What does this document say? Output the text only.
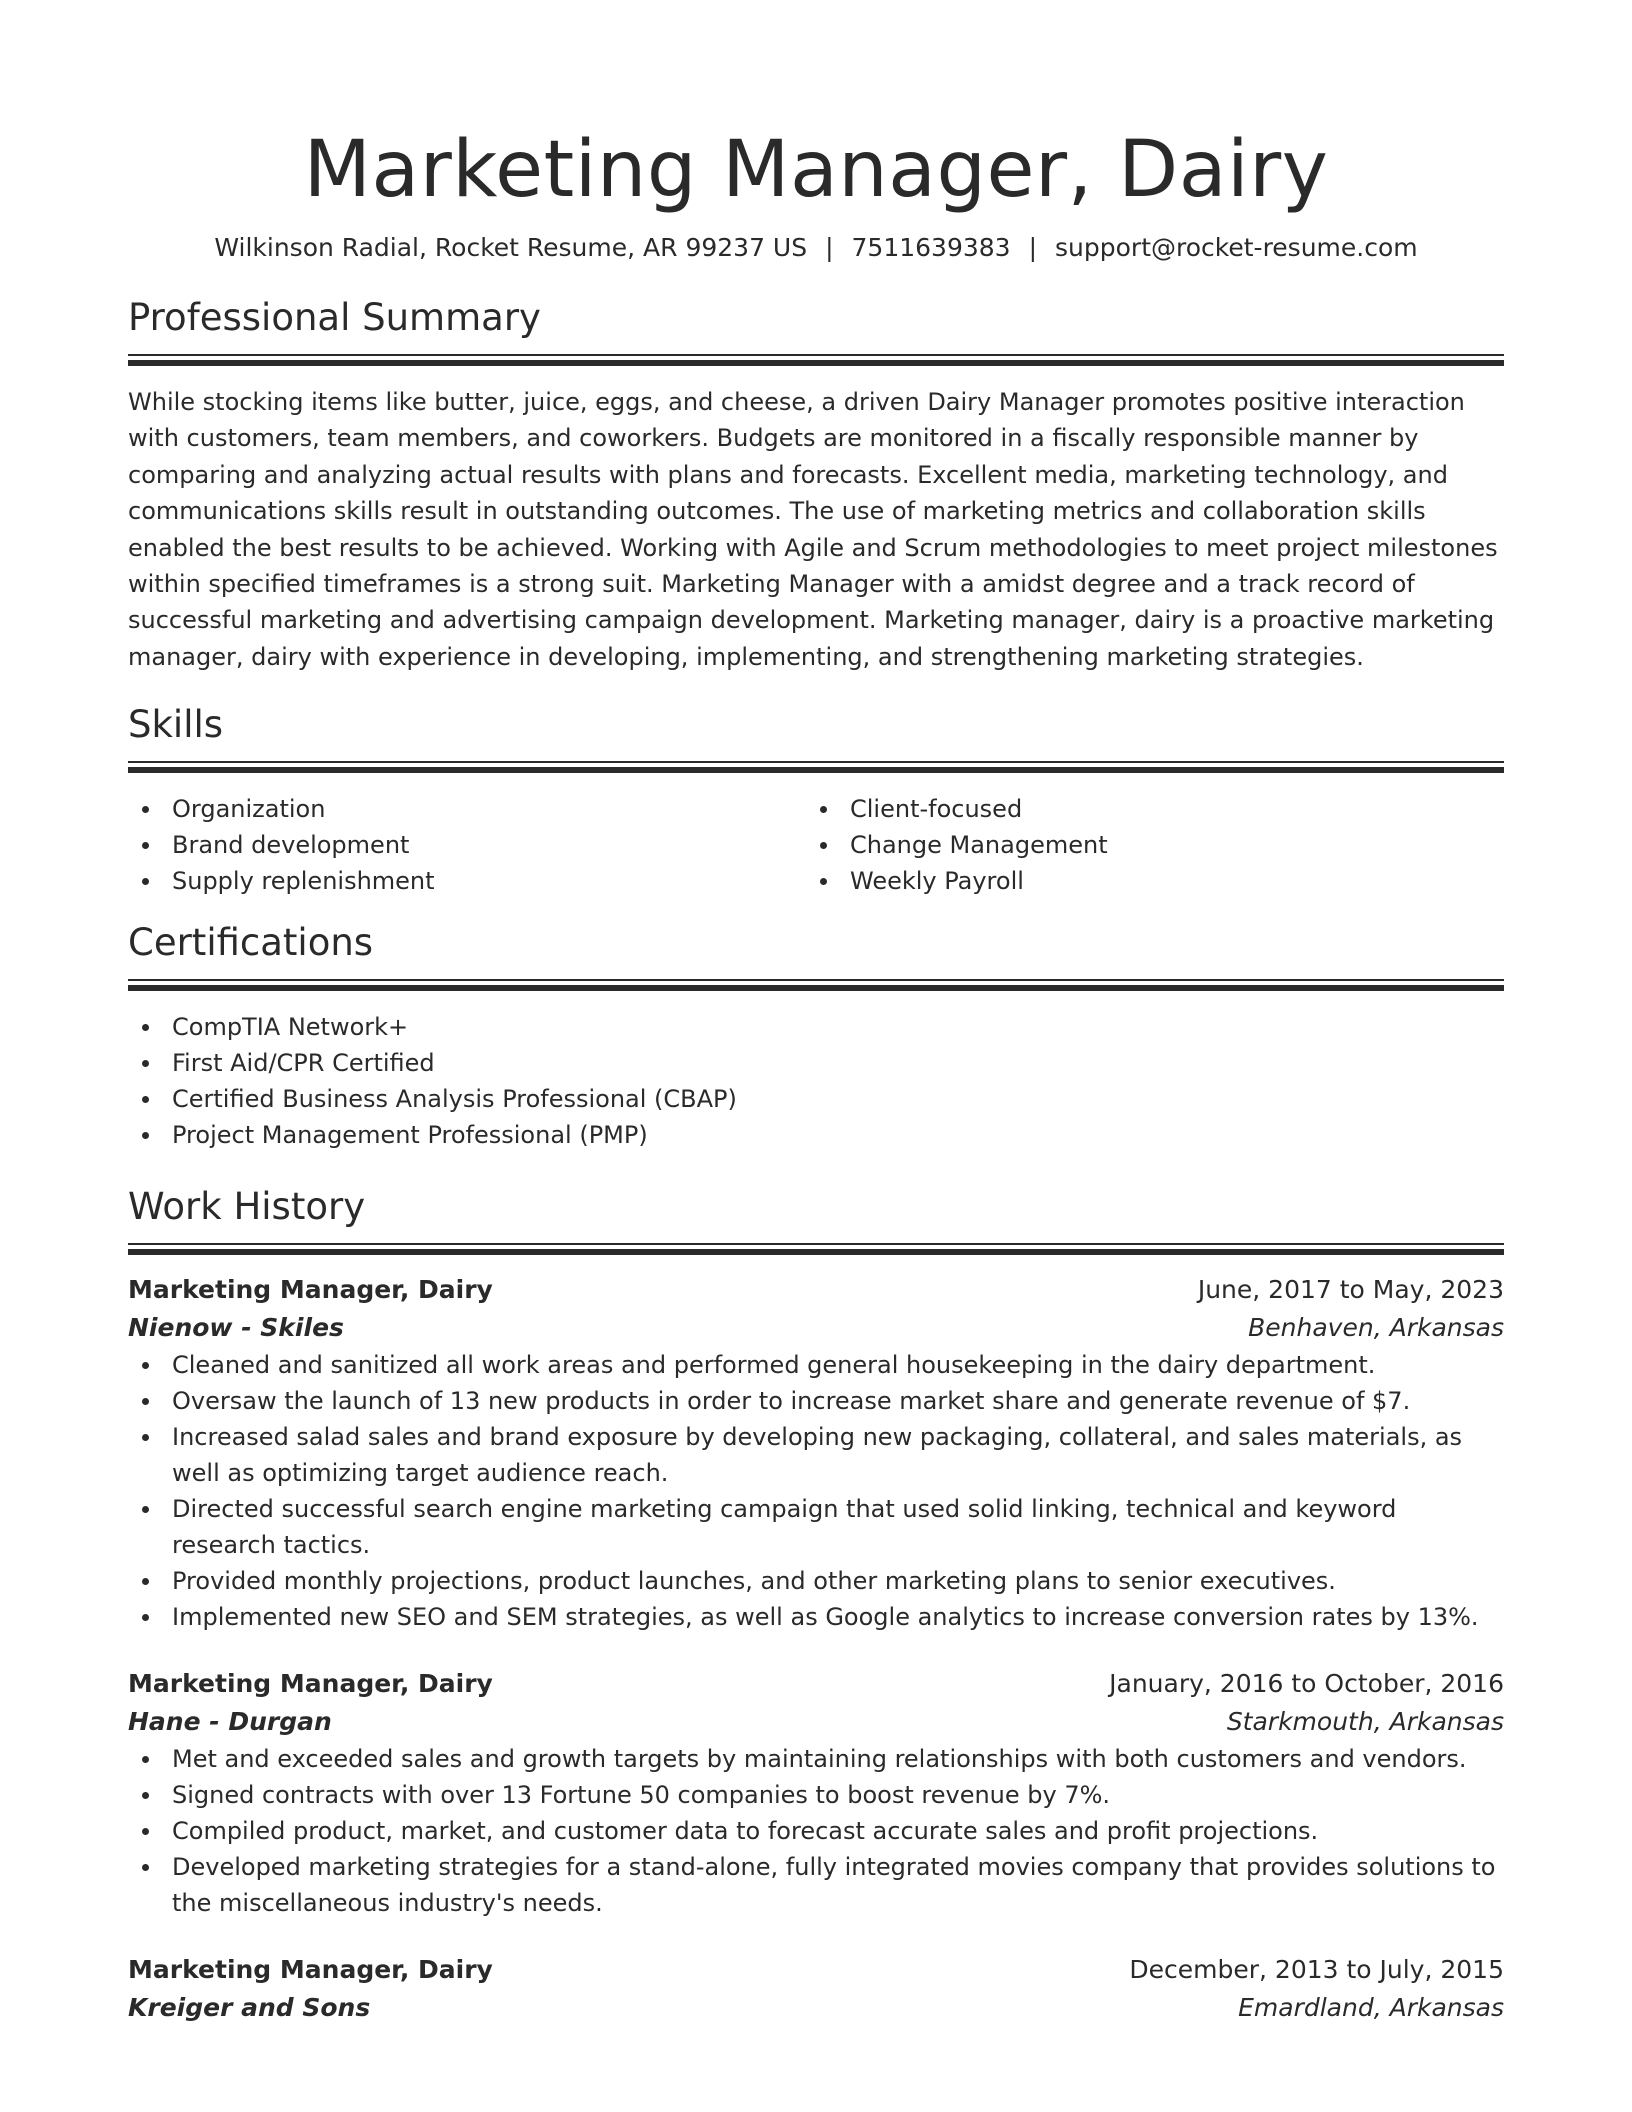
Marketing Manager, Dairy
Wilkinson Radial, Rocket Resume, AR 99237 US | 7511639383 | support@rocket-resume.com
Professional Summary

While stocking items like butter, juice, eggs, and cheese, a driven Dairy Manager promotes positive interaction with customers, team members, and coworkers. Budgets are monitored in a fiscally responsible manner by comparing and analyzing actual results with plans and forecasts. Excellent media, marketing technology, and communications skills result in outstanding outcomes. The use of marketing metrics and collaboration skills enabled the best results to be achieved. Working with Agile and Scrum methodologies to meet project milestones within specified timeframes is a strong suit. Marketing Manager with a amidst degree and a track record of successful marketing and advertising campaign development. Marketing manager, dairy is a proactive marketing manager, dairy with experience in developing, implementing, and strengthening marketing strategies.

Skills
Organization
Brand development
Supply replenishment
Client-focused
Change Management
Weekly Payroll
Certifications
CompTIA Network+
First Aid/CPR Certified
Certified Business Analysis Professional (CBAP)
Project Management Professional (PMP)
Work History
Marketing Manager, Dairy	June, 2017 to May, 2023
Nienow - Skiles	Benhaven, Arkansas
Cleaned and sanitized all work areas and performed general housekeeping in the dairy department.
Oversaw the launch of 13 new products in order to increase market share and generate revenue of $7.
Increased salad sales and brand exposure by developing new packaging, collateral, and sales materials, as well as optimizing target audience reach.
Directed successful search engine marketing campaign that used solid linking, technical and keyword research tactics.
Provided monthly projections, product launches, and other marketing plans to senior executives.
Implemented new SEO and SEM strategies, as well as Google analytics to increase conversion rates by 13%.
Marketing Manager, Dairy	January, 2016 to October, 2016
Hane - Durgan	Starkmouth, Arkansas
Met and exceeded sales and growth targets by maintaining relationships with both customers and vendors.
Signed contracts with over 13 Fortune 50 companies to boost revenue by 7%.
Compiled product, market, and customer data to forecast accurate sales and profit projections.
Developed marketing strategies for a stand-alone, fully integrated movies company that provides solutions to the miscellaneous industry's needs.
Marketing Manager, Dairy	December, 2013 to July, 2015
Kreiger and Sons	Emardland, Arkansas
